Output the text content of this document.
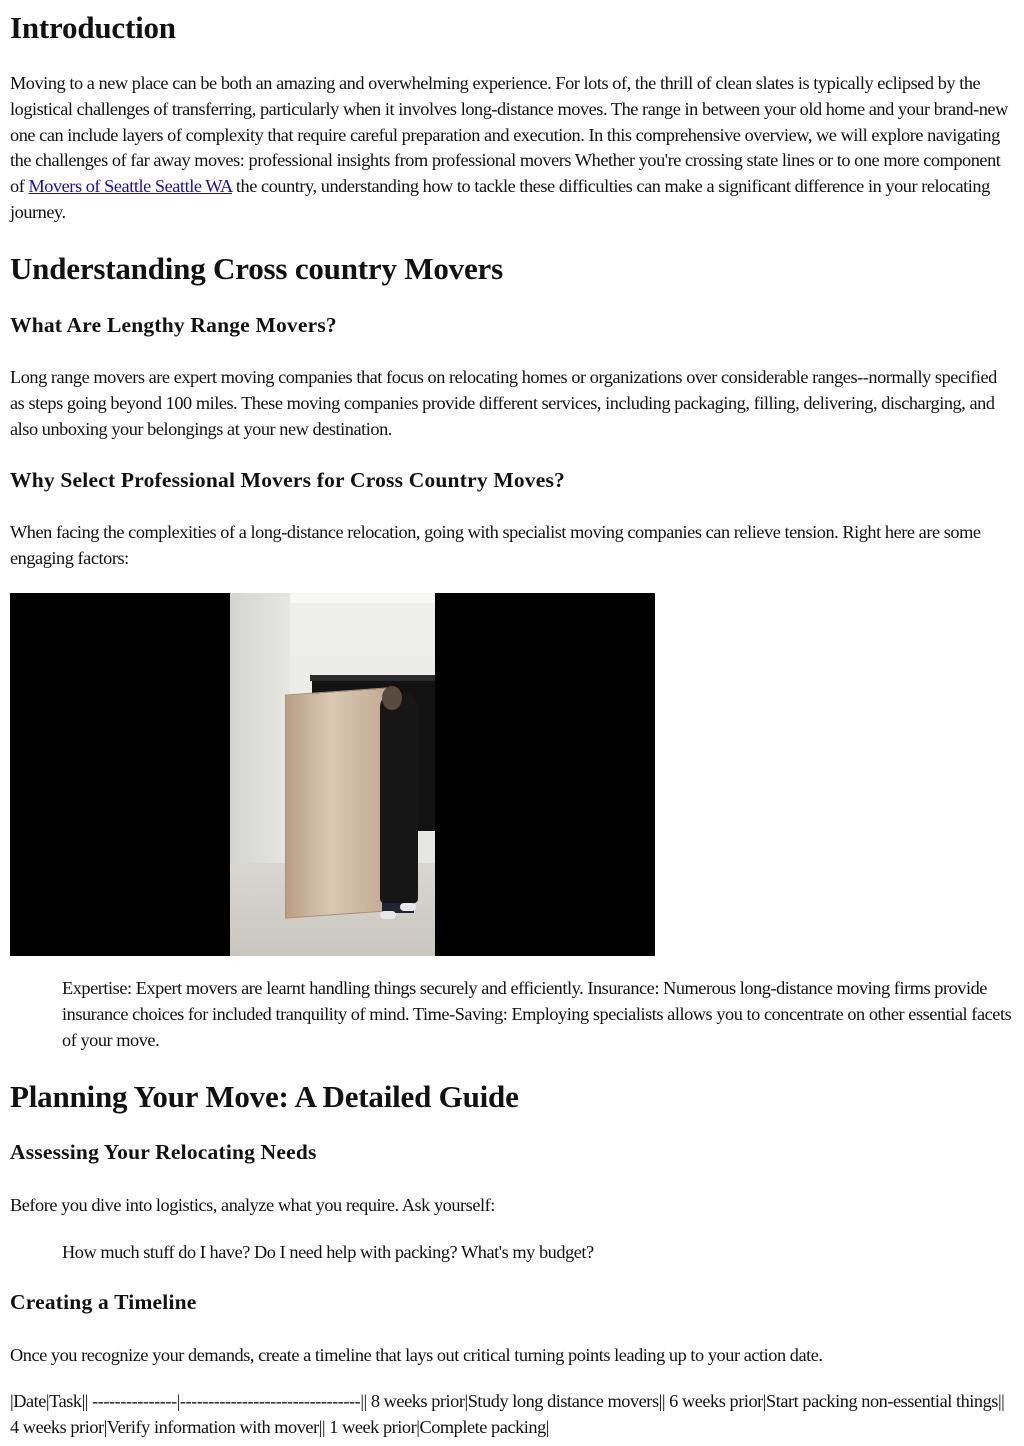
Introduction

Moving to a new place can be both an amazing and overwhelming experience. For lots of, the thrill of clean slates is typically eclipsed by the logistical challenges of transferring, particularly when it involves long-distance moves. The range in between your old home and your brand-new one can include layers of complexity that require careful preparation and execution. In this comprehensive overview, we will explore navigating the challenges of far away moves: professional insights from professional movers Whether you're crossing state lines or to one more component of Movers of Seattle Seattle WA the country, understanding how to tackle these difficulties can make a significant difference in your relocating journey.

Understanding Cross country Movers
What Are Lengthy Range Movers?

Long range movers are expert moving companies that focus on relocating homes or organizations over considerable ranges--normally specified as steps going beyond 100 miles. These moving companies provide different services, including packaging, filling, delivering, discharging, and also unboxing your belongings at your new destination.

Why Select Professional Movers for Cross Country Moves?

When facing the complexities of a long-distance relocation, going with specialist moving companies can relieve tension. Right here are some engaging factors:

Expertise: Expert movers are learnt handling things securely and efficiently. Insurance: Numerous long-distance moving firms provide insurance choices for included tranquility of mind. Time-Saving: Employing specialists allows you to concentrate on other essential facets of your move.
Planning Your Move: A Detailed Guide
Assessing Your Relocating Needs

Before you dive into logistics, analyze what you require. Ask yourself:

How much stuff do I have? Do I need help with packing? What's my budget?
Creating a Timeline

Once you recognize your demands, create a timeline that lays out critical turning points leading up to your action date.

|Date|Task|| ---------------|--------------------------------|| 8 weeks prior|Study long distance movers|| 6 weeks prior|Start packing non-essential things|| 4 weeks prior|Verify information with mover|| 1 week prior|Complete packing|
